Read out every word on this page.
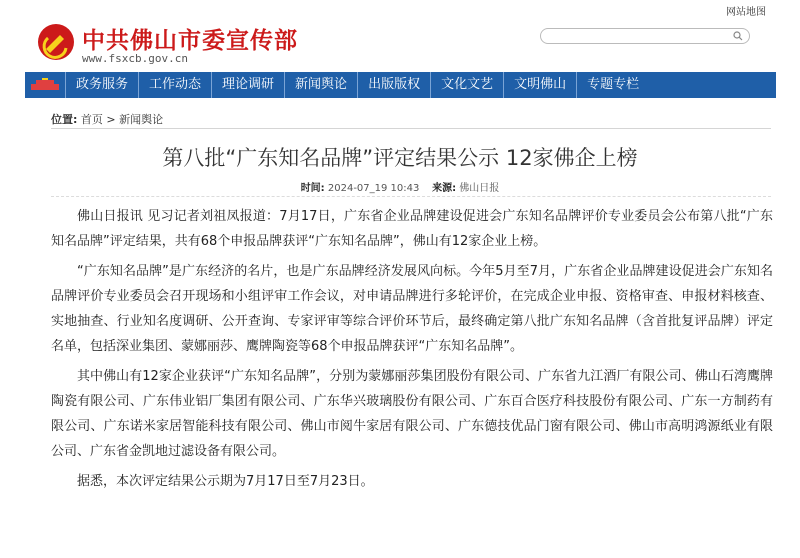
网站地图
中共佛山市委宣传部
www.fsxcb.gov.cn
政务服务	工作动态	理论调研	新闻舆论	出版版权	文化文艺	文明佛山	专题专栏
位置: 首页 > 新闻舆论
第八批“广东知名品牌”评定结果公示 12家佛企上榜
时间: 2024-07_19 10:43 来源: 佛山日报

佛山日报讯 见习记者刘祖凤报道：7月17日，广东省企业品牌建设促进会广东知名品牌评价专业委员会公布第八批“广东知名品牌”评定结果，共有68个申报品牌获评“广东知名品牌”，佛山有12家企业上榜。

“广东知名品牌”是广东经济的名片，也是广东品牌经济发展风向标。今年5月至7月，广东省企业品牌建设促进会广东知名品牌评价专业委员会召开现场和小组评审工作会议，对申请品牌进行多轮评价，在完成企业申报、资格审查、申报材料核查、实地抽查、行业知名度调研、公开查询、专家评审等综合评价环节后，最终确定第八批广东知名品牌（含首批复评品牌）评定名单，包括深业集团、蒙娜丽莎、鹰牌陶瓷等68个申报品牌获评“广东知名品牌”。

其中佛山有12家企业获评“广东知名品牌”，分别为蒙娜丽莎集团股份有限公司、广东省九江酒厂有限公司、佛山石湾鹰牌陶瓷有限公司、广东伟业铝厂集团有限公司、广东华兴玻璃股份有限公司、广东百合医疗科技股份有限公司、广东一方制药有限公司、广东诺米家居智能科技有限公司、佛山市阅牛家居有限公司、广东德技优品门窗有限公司、佛山市高明鸿源纸业有限公司、广东省金凯地过滤设备有限公司。

据悉，本次评定结果公示期为7月17日至7月23日。
